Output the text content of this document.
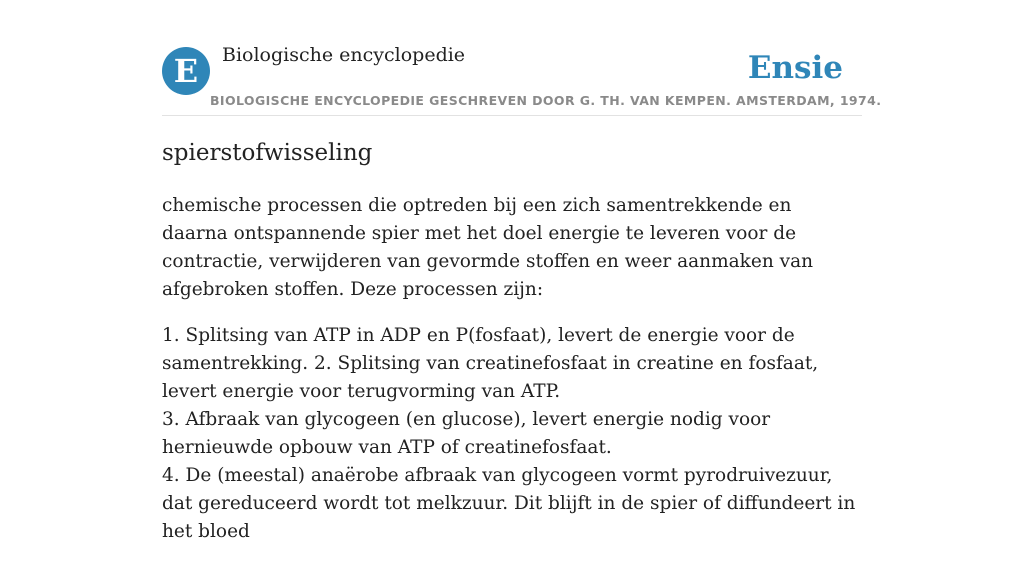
E	Biologische encyclopedie	Ensie
BIOLOGISCHE ENCYCLOPEDIE GESCHREVEN DOOR G. TH. VAN KEMPEN. AMSTERDAM, 1974.
spierstofwisseling

chemische processen die optreden bij een zich samentrekkende en daarna ontspannende spier met het doel energie te leveren voor de contractie, verwijderen van gevormde stoffen en weer aanmaken van afgebroken stoffen. Deze processen zijn:

1. Splitsing van ATP in ADP en P(fosfaat), levert de energie voor de samentrekking. 2. Splitsing van creatinefosfaat in creatine en fosfaat, levert energie voor terugvorming van ATP.
3. Afbraak van glycogeen (en glucose), levert energie nodig voor hernieuwde opbouw van ATP of creatinefosfaat.
4. De (meestal) anaërobe afbraak van glycogeen vormt pyrodruivezuur, dat gereduceerd wordt tot melkzuur. Dit blijft in de spier of diffundeert in het bloed
